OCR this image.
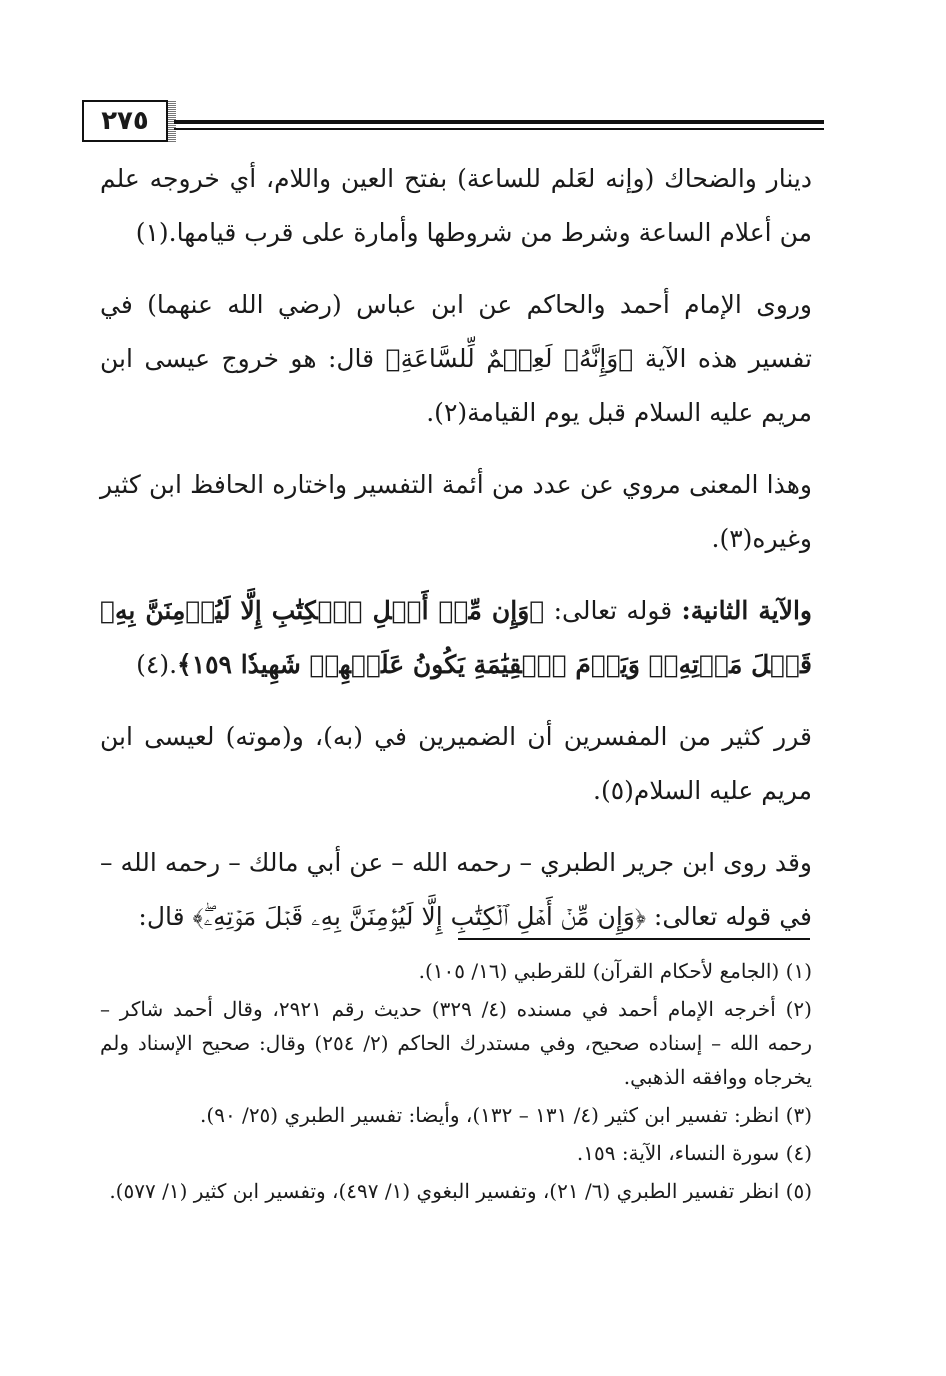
٢٧٥

دينار والضحاك (وإنه لعَلم للساعة) بفتح العين واللام، أي خروجه علم من أعلام الساعة وشرط من شروطها وأمارة على قرب قيامها.(١)

وروى الإمام أحمد والحاكم عن ابن عباس (رضي الله عنهما) في تفسير هذه الآية ﴿وَإِنَّهُۥ لَعِلۡمٌ لِّلسَّاعَةِ﴾ قال: هو خروج عيسى ابن مريم عليه السلام قبل يوم القيامة(٢).

وهذا المعنى مروي عن عدد من أئمة التفسير واختاره الحافظ ابن كثير وغيره(٣).

والآية الثانية: قوله تعالى: ﴿وَإِن مِّنۡ أَهۡلِ ٱلۡكِتَٰبِ إِلَّا لَيُؤۡمِنَنَّ بِهِۦ قَبۡلَ مَوۡتِهِۦۖ وَيَوۡمَ ٱلۡقِيَٰمَةِ يَكُونُ عَلَيۡهِمۡ شَهِيدٗا ١٥٩﴾.(٤)

قرر كثير من المفسرين أن الضميرين في (به)، و(موته) لعيسى ابن مريم عليه السلام(٥).

وقد روى ابن جرير الطبري – رحمه الله – عن أبي مالك – رحمه الله – في قوله تعالى: ﴿وَإِن مِّنۡ أَهۡلِ ٱلۡكِتَٰبِ إِلَّا لَيُؤۡمِنَنَّ بِهِۦ قَبۡلَ مَوۡتِهِۦۖ﴾ قال:

(١) (الجامع لأحكام القرآن) للقرطبي (١٦/ ١٠٥).

(٢) أخرجه الإمام أحمد في مسنده (٤/ ٣٢٩) حديث رقم ٢٩٢١، وقال أحمد شاكر – رحمه الله – إسناده صحيح، وفي مستدرك الحاكم (٢/ ٢٥٤) وقال: صحيح الإسناد ولم يخرجاه ووافقه الذهبي.

(٣) انظر: تفسير ابن كثير (٤/ ١٣١ – ١٣٢)، وأيضا: تفسير الطبري (٢٥/ ٩٠).

(٤) سورة النساء، الآية: ١٥٩.

(٥) انظر تفسير الطبري (٦/ ٢١)، وتفسير البغوي (١/ ٤٩٧)، وتفسير ابن كثير (١/ ٥٧٧).
